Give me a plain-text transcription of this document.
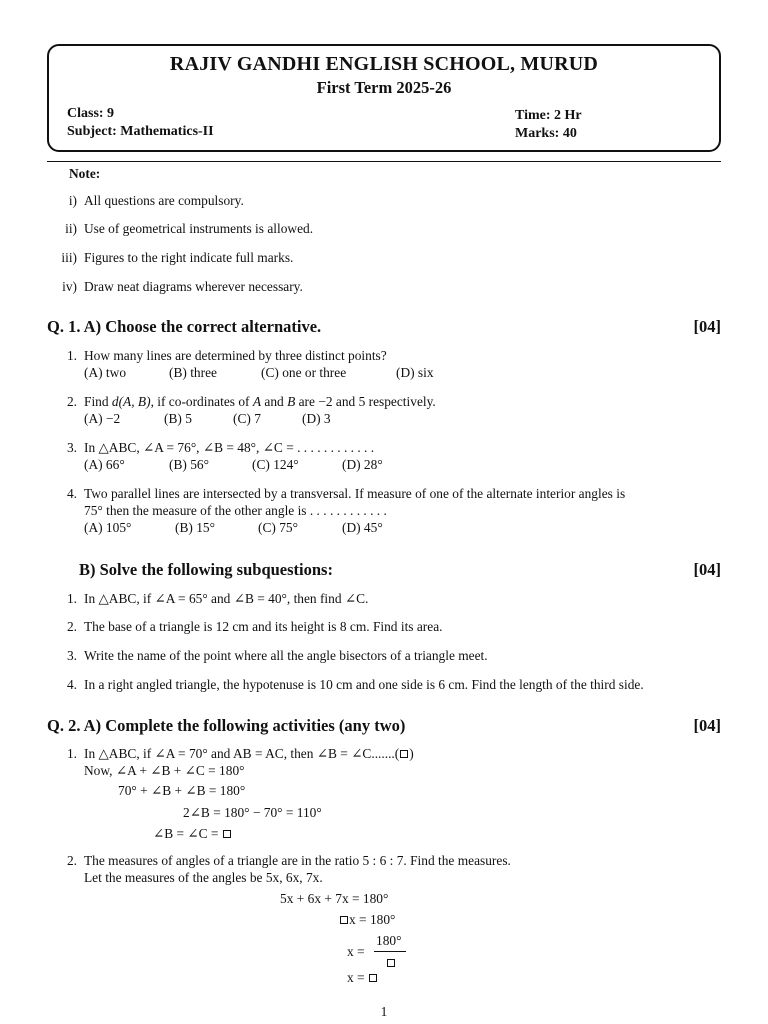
RAJIV GANDHI ENGLISH SCHOOL, MURUD
First Term 2025-26
Class: 9
Subject: Mathematics-II
Time: 2 Hr
Marks: 40
Note:
i) All questions are compulsory.
ii) Use of geometrical instruments is allowed.
iii) Figures to the right indicate full marks.
iv) Draw neat diagrams wherever necessary.
Q. 1. A) Choose the correct alternative.	[04]
1. How many lines are determined by three distinct points?
(A) two	(B) three	(C) one or three	(D) six
2. Find d(A, B), if co-ordinates of A and B are −2 and 5 respectively.
(A) −2	(B) 5	(C) 7	(D) 3
3. In △ABC, ∠A = 76°, ∠B = 48°, ∠C = . . . . . . . . . . . .
(A) 66°	(B) 56°	(C) 124°	(D) 28°
4. Two parallel lines are intersected by a transversal. If measure of one of the alternate interior angles is
75° then the measure of the other angle is . . . . . . . . . . . .
(A) 105°	(B) 15°	(C) 75°	(D) 45°
B) Solve the following subquestions:	[04]
1. In △ABC, if ∠A = 65° and ∠B = 40°, then find ∠C.
2. The base of a triangle is 12 cm and its height is 8 cm. Find its area.
3. Write the name of the point where all the angle bisectors of a triangle meet.
4. In a right angled triangle, the hypotenuse is 10 cm and one side is 6 cm. Find the length of the third side.
Q. 2. A) Complete the following activities (any two)	[04]
1. In △ABC, if ∠A = 70° and AB = AC, then ∠B = ∠C.......( )
Now, ∠A + ∠B + ∠C = 180°
70° + ∠B + ∠B = 180°
2∠B = 180° − 70° = 110°
∠B = ∠C =
2. The measures of angles of a triangle are in the ratio 5 : 6 : 7. Find the measures.
Let the measures of the angles be 5x, 6x, 7x.
5x + 6x + 7x = 180°
x = 180°
x =
180°
x =
1
